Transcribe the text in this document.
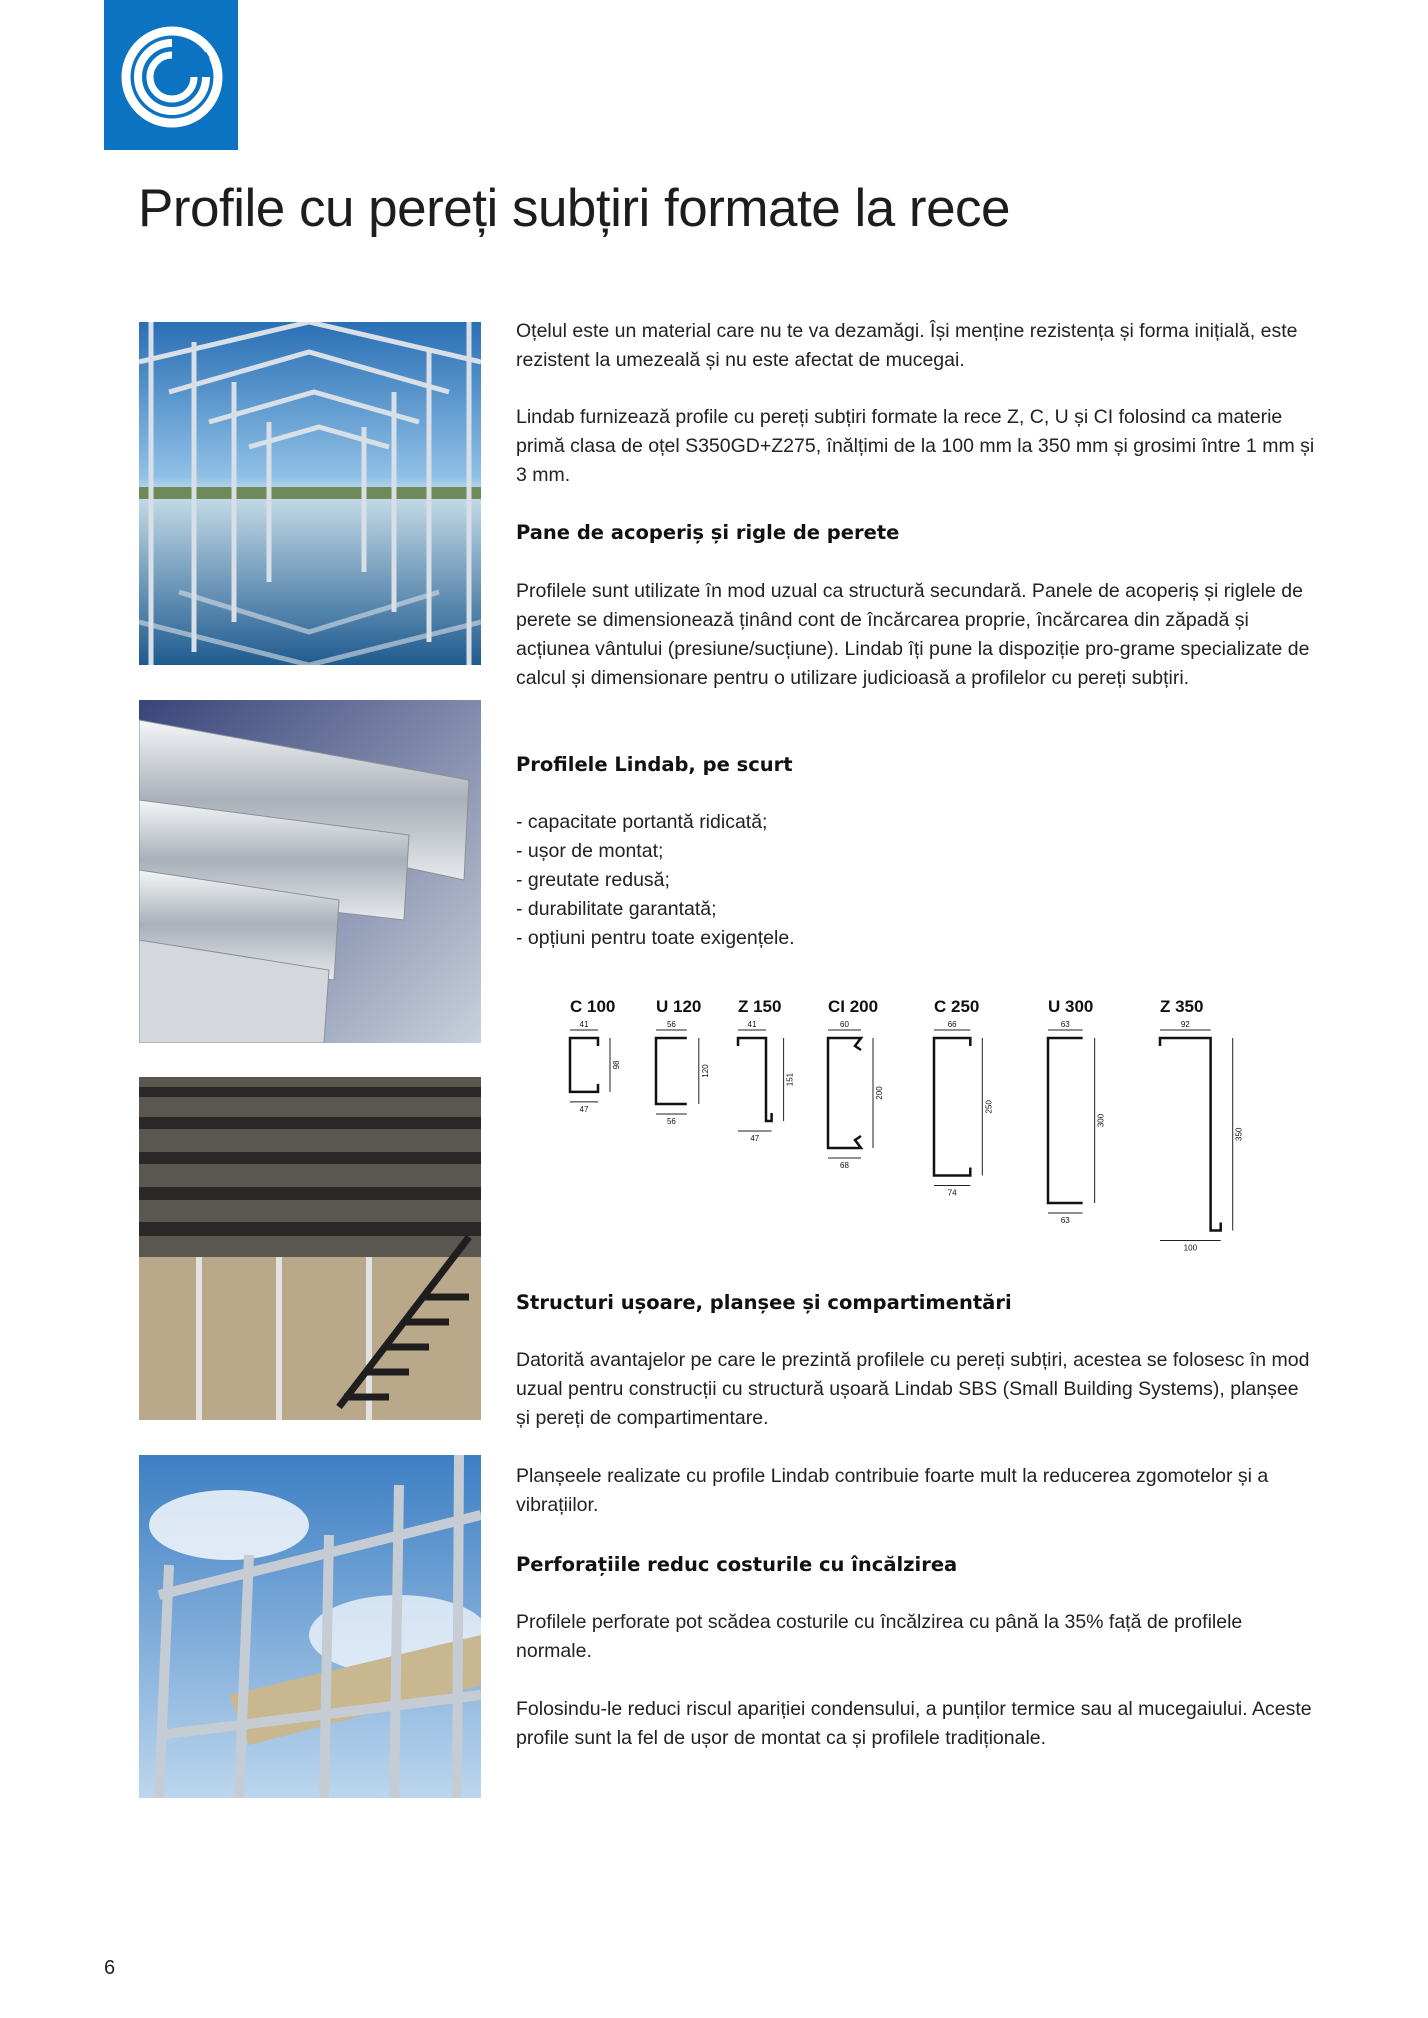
Profile cu pereți subțiri formate la rece

Oțelul este un material care nu te va dezamăgi. Își menține rezistența și forma inițială, este rezistent la umezeală și nu este afectat de mucegai.

Lindab furnizează profile cu pereți subțiri formate la rece Z, C, U și CI folosind ca materie primă clasa de oțel S350GD+Z275, înălțimi de la 100 mm la 350 mm și grosimi între 1 mm și 3 mm.

Pane de acoperiș și rigle de perete

Profilele sunt utilizate în mod uzual ca structură secundară. Panele de acoperiș și riglele de perete se dimensionează ținând cont de încărcarea proprie, încărcarea din zăpadă și acțiunea vântului (presiune/sucțiune). Lindab îți pune la dispoziție pro-grame specializate de calcul și dimensionare pentru o utilizare judicioasă a profilelor cu pereți subțiri.

Profilele Lindab, pe scurt

- capacitate portantă ridicată;
- ușor de montat;
- greutate redusă;
- durabilitate garantată;
- opțiuni pentru toate exigențele.
C 100
41
98
47
U 120
56
120
56
Z 150
41
151
47
CI 200
60
200
68
C 250
66
250
74
U 300
63
300
63
Z 350
92
350
100

Structuri ușoare, planșee și compartimentări

Datorită avantajelor pe care le prezintă profilele cu pereți subțiri, acestea se folosesc în mod uzual pentru construcții cu structură ușoară Lindab SBS (Small Building Systems), planșee și pereți de compartimentare.

Planșeele realizate cu profile Lindab contribuie foarte mult la reducerea zgomotelor și a vibrațiilor.

Perforațiile reduc costurile cu încălzirea

Profilele perforate pot scădea costurile cu încălzirea cu până la 35% față de profilele normale.

Folosindu-le reduci riscul apariției condensului, a punților termice sau al mucegaiului. Aceste profile sunt la fel de ușor de montat ca și profilele tradiționale.

6
